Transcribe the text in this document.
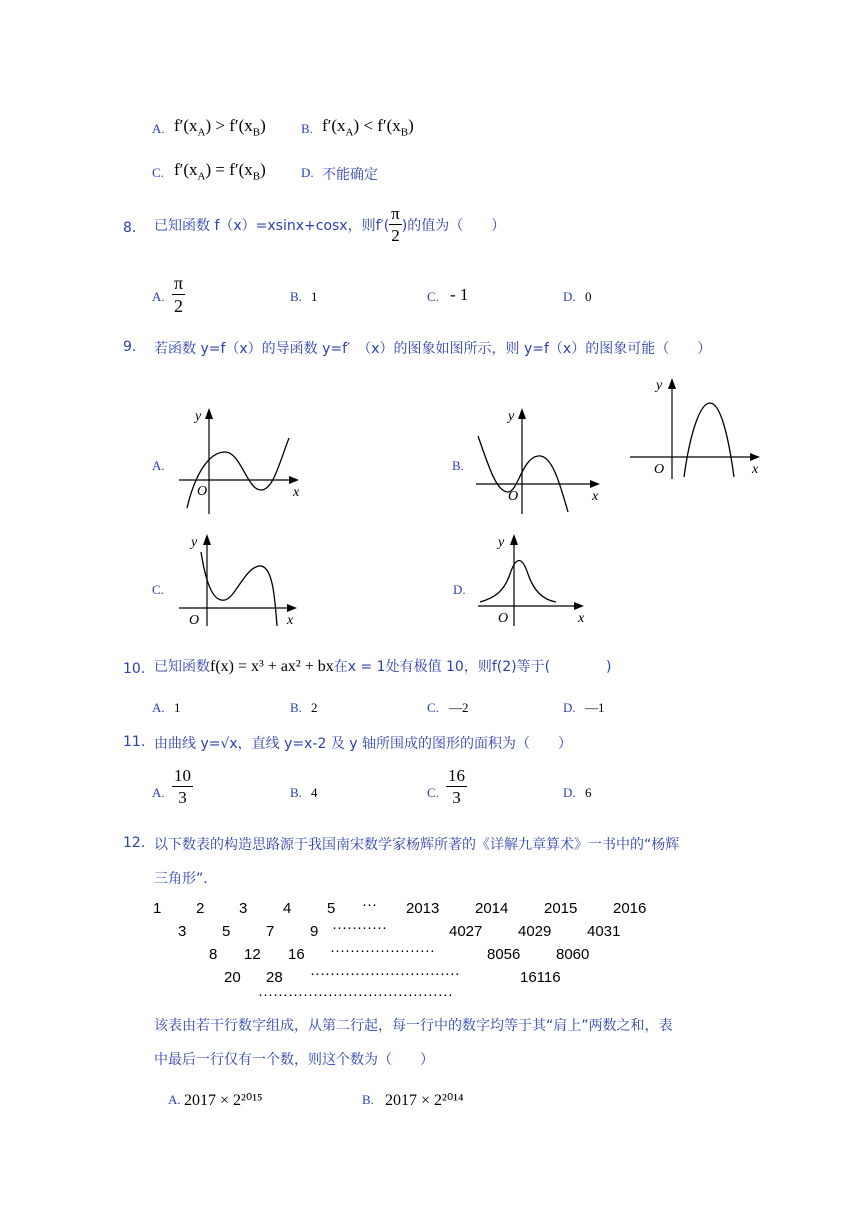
A. $f'(x_A) > f'(x_B)$	B. $f'(x_A) < f'(x_B)$
C. $f'(x_A) = f'(x_B)$	D. 不能确定
8. 已知函数 f（x）=xsinx+cosx，则$f'( \frac{\pi}{2}$ )的值为（　　）
A. $\frac{\pi}{2}$	B. 1	C. - 1	D. 0
9. 若函数 y=f（x）的导函数 y=f′　（x）的图象如图所示，则 y=f（x）的图象可能（　　）
O	x
y
A.
O	x
y
B.
O	x
y
C.
O	x
y
D.
O	x
y
10. 已知函数 f(x) = x³ + ax² + bx 在x = 1处有极值 10，则f(2)等于(　　　　)
A. 1	B. 2	C. —2	D. —1
11. 由曲线 y=√x，直线 y=x-2 及 y 轴所围成的图形的面积为（　　）
A. $\frac{10}{3}$	B. 4	C. $\frac{16}{3}$	D. 6
12. 以下数表的构造思路源于我国南宋数学家杨辉所著的《详解九章算术》一书中的“杨辉
三角形”．
1 2 3 4 5 ··· 2013 2014 2015 2016
3 5 7 9 ···········	4027 4029 4031
8 12 16 ·····················	8056 8060
20 28 ······························	16116
·······································
该表由若干行数字组成，从第二行起，每一行中的数字均等于其“肩上”两数之和，表
中最后一行仅有一个数，则这个数为（　　）
A. 2017 × 2²⁰¹⁵	B. 2017 × 2²⁰¹⁴
